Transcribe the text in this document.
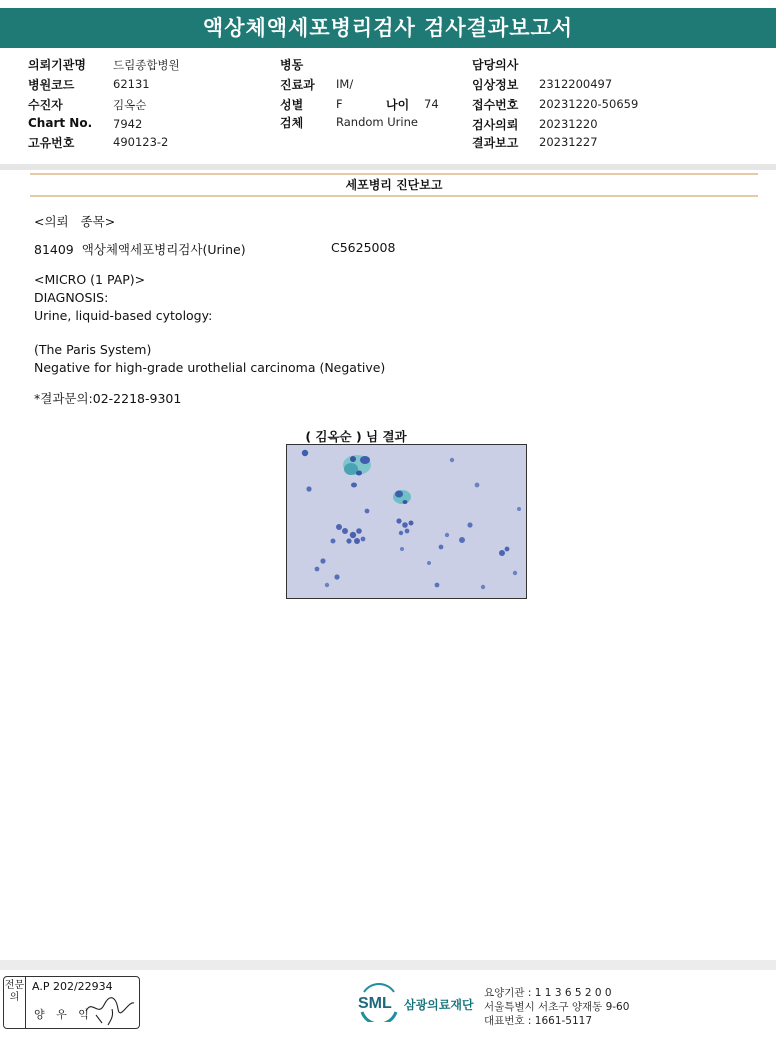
액상체액세포병리검사 검사결과보고서
의뢰기관명 드림종합병원
병원코드	62131
수진자	김옥순
Chart No. 7942
고유번호	490123-2
병동
진료과 IM/
성별	F	나이 74
검체	Random Urine
담당의사
임상정보 2312200497
접수번호 20231220-50659
검사의뢰 20231220
결과보고 20231227
세포병리 진단보고
<의뢰   종목>
81409  액상체액세포병리검사(Urine)	C5625008
<MICRO (1 PAP)>
DIAGNOSIS:
Urine, liquid-based cytology:
(The Paris System)
Negative for high-grade urothelial carcinoma (Negative)
*결과문의:02-2218-9301
( 김옥순 ) 님 결과
전문의
A.P 202/22934
양 우 익
SML 삼광의료재단
요양기관 : 1 1 3 6 5 2 0 0
서울특별시 서초구 양재동 9-60
대표번호 : 1661-5117
